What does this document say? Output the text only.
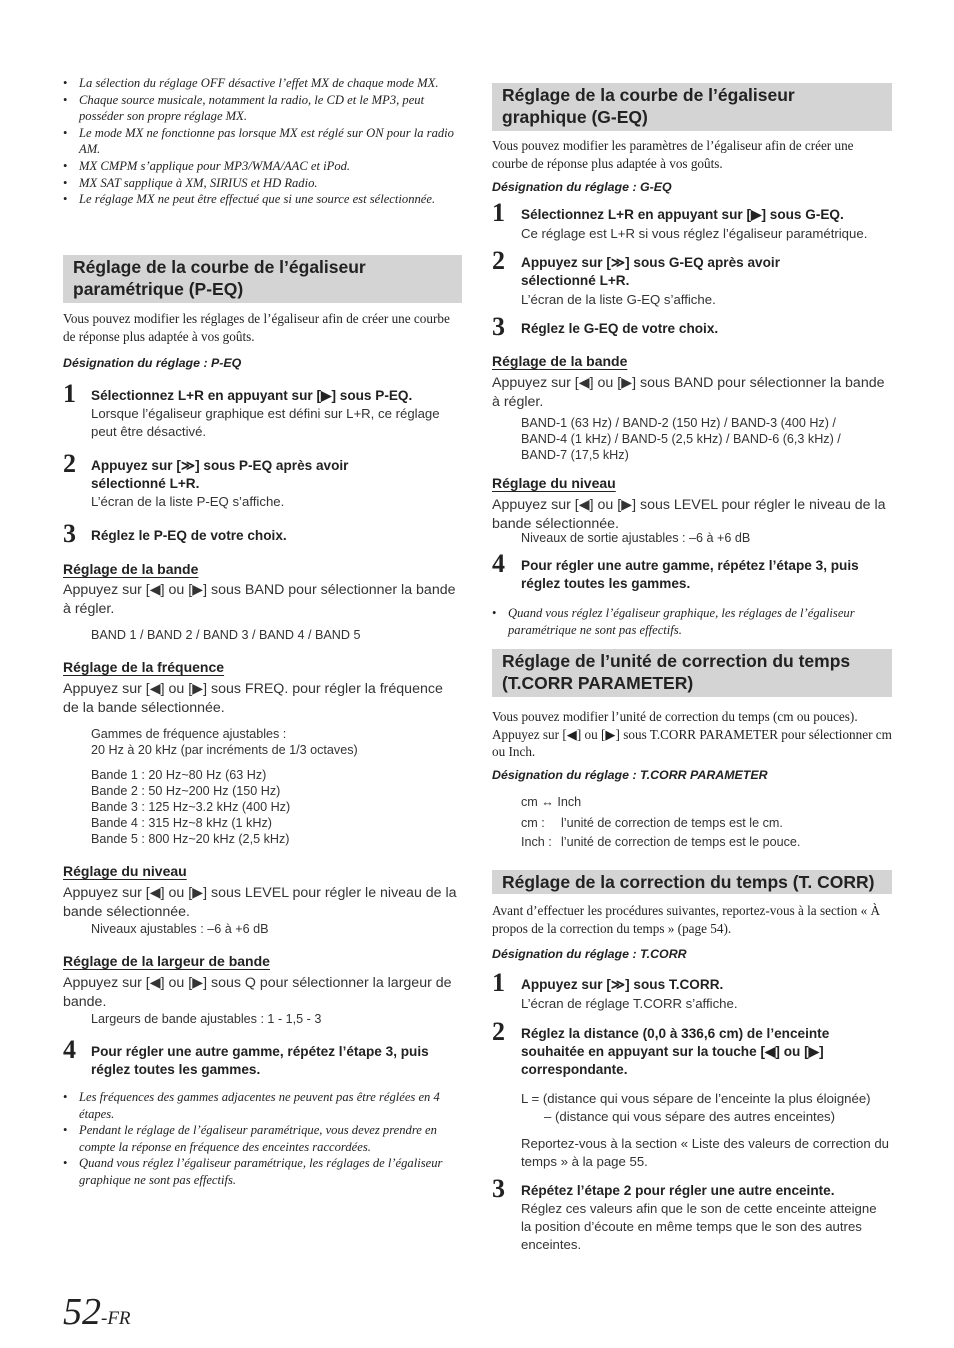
• La sélection du réglage OFF désactive l’effet MX de chaque mode MX.
• Chaque source musicale, notamment la radio, le CD et le MP3, peut posséder son propre réglage MX.
• Le mode MX ne fonctionne pas lorsque MX est réglé sur ON pour la radio AM.
• MX CMPM s’applique pour MP3/WMA/AAC et iPod.
• MX SAT sapplique à XM, SIRIUS et HD Radio.
• Le réglage MX ne peut être effectué que si une source est sélectionnée.
Réglage de la courbe de l’égaliseur paramétrique (P-EQ)
Vous pouvez modifier les réglages de l’égaliseur afin de créer une courbe de réponse plus adaptée à vos goûts.
Désignation du réglage : P-EQ
1 Sélectionnez L+R en appuyant sur [▶] sous P-EQ.
Lorsque l’égaliseur graphique est défini sur L+R, ce réglage peut être désactivé.
2 Appuyez sur [≫] sous P-EQ après avoir sélectionné L+R.
L’écran de la liste P-EQ s’affiche.
3 Réglez le P-EQ de votre choix.
Réglage de la bande
Appuyez sur [◀] ou [▶] sous BAND pour sélectionner la bande à régler.
BAND 1 / BAND 2 / BAND 3 / BAND 4 / BAND 5
Réglage de la fréquence
Appuyez sur [◀] ou [▶] sous FREQ. pour régler la fréquence de la bande sélectionnée.
Gammes de fréquence ajustables :
20 Hz à 20 kHz (par incréments de 1/3 octaves)
Bande 1 : 20 Hz~80 Hz (63 Hz)
Bande 2 : 50 Hz~200 Hz (150 Hz)
Bande 3 : 125 Hz~3.2 kHz (400 Hz)
Bande 4 : 315 Hz~8 kHz (1 kHz)
Bande 5 : 800 Hz~20 kHz (2,5 kHz)
Réglage du niveau
Appuyez sur [◀] ou [▶] sous LEVEL pour régler le niveau de la bande sélectionnée.
Niveaux ajustables : –6 à +6 dB
Réglage de la largeur de bande
Appuyez sur [◀] ou [▶] sous Q pour sélectionner la largeur de bande.
Largeurs de bande ajustables : 1 - 1,5 - 3
4 Pour régler une autre gamme, répétez l’étape 3, puis réglez toutes les gammes.
• Les fréquences des gammes adjacentes ne peuvent pas être réglées en 4 étapes.
• Pendant le réglage de l’égaliseur paramétrique, vous devez prendre en compte la réponse en fréquence des enceintes raccordées.
• Quand vous réglez l’égaliseur paramétrique, les réglages de l’égaliseur graphique ne sont pas effectifs.
Réglage de la courbe de l’égaliseur graphique (G-EQ)
Vous pouvez modifier les paramètres de l’égaliseur afin de créer une courbe de réponse plus adaptée à vos goûts.
Désignation du réglage : G-EQ
1 Sélectionnez L+R en appuyant sur [▶] sous G-EQ.
Ce réglage est L+R si vous réglez l’égaliseur paramétrique.
2 Appuyez sur [≫] sous G-EQ après avoir sélectionné L+R.
L’écran de la liste G-EQ s’affiche.
3 Réglez le G-EQ de votre choix.
Réglage de la bande
Appuyez sur [◀] ou [▶] sous BAND pour sélectionner la bande à régler.
BAND-1 (63 Hz) / BAND-2 (150 Hz) / BAND-3 (400 Hz) / BAND-4 (1 kHz) / BAND-5 (2,5 kHz) / BAND-6 (6,3 kHz) / BAND-7 (17,5 kHz)
Réglage du niveau
Appuyez sur [◀] ou [▶] sous LEVEL pour régler le niveau de la bande sélectionnée.
Niveaux de sortie ajustables : –6 à +6 dB
4 Pour régler une autre gamme, répétez l’étape 3, puis réglez toutes les gammes.
• Quand vous réglez l’égaliseur graphique, les réglages de l’égaliseur paramétrique ne sont pas effectifs.
Réglage de l’unité de correction du temps (T.CORR PARAMETER)
Vous pouvez modifier l’unité de correction du temps (cm ou pouces). Appuyez sur [◀] ou [▶] sous T.CORR PARAMETER pour sélectionner cm ou Inch.
Désignation du réglage : T.CORR PARAMETER
cm ↔ Inch
cm : l’unité de correction de temps est le cm.
Inch : l’unité de correction de temps est le pouce.
Réglage de la correction du temps (T. CORR)
Avant d’effectuer les procédures suivantes, reportez-vous à la section « À propos de la correction du temps » (page 54).
Désignation du réglage : T.CORR
1 Appuyez sur [≫] sous T.CORR.
L’écran de réglage T.CORR s’affiche.
2 Réglez la distance (0,0 à 336,6 cm) de l’enceinte souhaitée en appuyant sur la touche [◀] ou [▶] correspondante.
L = (distance qui vous sépare de l’enceinte la plus éloignée)
– (distance qui vous sépare des autres enceintes)
Reportez-vous à la section « Liste des valeurs de correction du temps » à la page 55.
3 Répétez l’étape 2 pour régler une autre enceinte.
Réglez ces valeurs afin que le son de cette enceinte atteigne la position d’écoute en même temps que le son des autres enceintes.
52-FR
